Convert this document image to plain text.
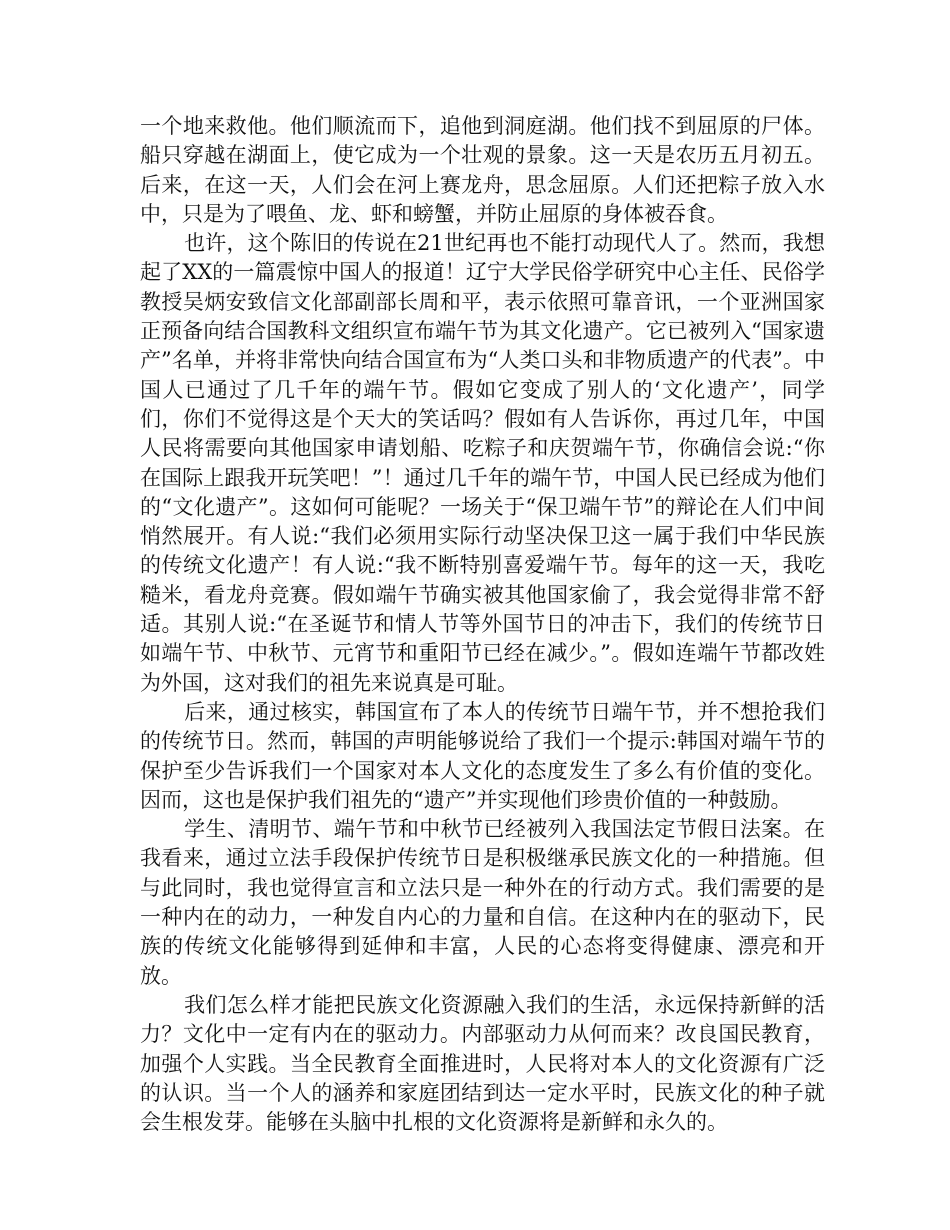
一个地来救他。他们顺流而下，追他到洞庭湖。他们找不到屈原的尸体。船只穿越在湖面上，使它成为一个壮观的景象。这一天是农历五月初五。后来，在这一天，人们会在河上赛龙舟，思念屈原。人们还把粽子放入水中，只是为了喂鱼、龙、虾和螃蟹，并防止屈原的身体被吞食。

也许，这个陈旧的传说在21世纪再也不能打动现代人了。然而，我想起了XX的一篇震惊中国人的报道！辽宁大学民俗学研究中心主任、民俗学教授吴炳安致信文化部副部长周和平，表示依照可靠音讯，一个亚洲国家正预备向结合国教科文组织宣布端午节为其文化遗产。它已被列入“国家遗产”名单，并将非常快向结合国宣布为“人类口头和非物质遗产的代表”。中国人已通过了几千年的端午节。假如它变成了别人的‘文化遗产’，同学们，你们不觉得这是个天大的笑话吗？假如有人告诉你，再过几年，中国人民将需要向其他国家申请划船、吃粽子和庆贺端午节，你确信会说:“你在国际上跟我开玩笑吧！”！通过几千年的端午节，中国人民已经成为他们的“文化遗产”。这如何可能呢？一场关于“保卫端午节”的辩论在人们中间悄然展开。有人说:“我们必须用实际行动坚决保卫这一属于我们中华民族的传统文化遗产！有人说:“我不断特别喜爱端午节。每年的这一天，我吃糙米，看龙舟竞赛。假如端午节确实被其他国家偷了，我会觉得非常不舒适。其别人说:“在圣诞节和情人节等外国节日的冲击下，我们的传统节日如端午节、中秋节、元宵节和重阳节已经在减少。”。假如连端午节都改姓为外国，这对我们的祖先来说真是可耻。

后来，通过核实，韩国宣布了本人的传统节日端午节，并不想抢我们的传统节日。然而，韩国的声明能够说给了我们一个提示:韩国对端午节的保护至少告诉我们一个国家对本人文化的态度发生了多么有价值的变化。因而，这也是保护我们祖先的“遗产”并实现他们珍贵价值的一种鼓励。

学生、清明节、端午节和中秋节已经被列入我国法定节假日法案。在我看来，通过立法手段保护传统节日是积极继承民族文化的一种措施。但与此同时，我也觉得宣言和立法只是一种外在的行动方式。我们需要的是一种内在的动力，一种发自内心的力量和自信。在这种内在的驱动下，民族的传统文化能够得到延伸和丰富，人民的心态将变得健康、漂亮和开放。

我们怎么样才能把民族文化资源融入我们的生活，永远保持新鲜的活力？文化中一定有内在的驱动力。内部驱动力从何而来？改良国民教育，加强个人实践。当全民教育全面推进时，人民将对本人的文化资源有广泛的认识。当一个人的涵养和家庭团结到达一定水平时，民族文化的种子就会生根发芽。能够在头脑中扎根的文化资源将是新鲜和永久的。
